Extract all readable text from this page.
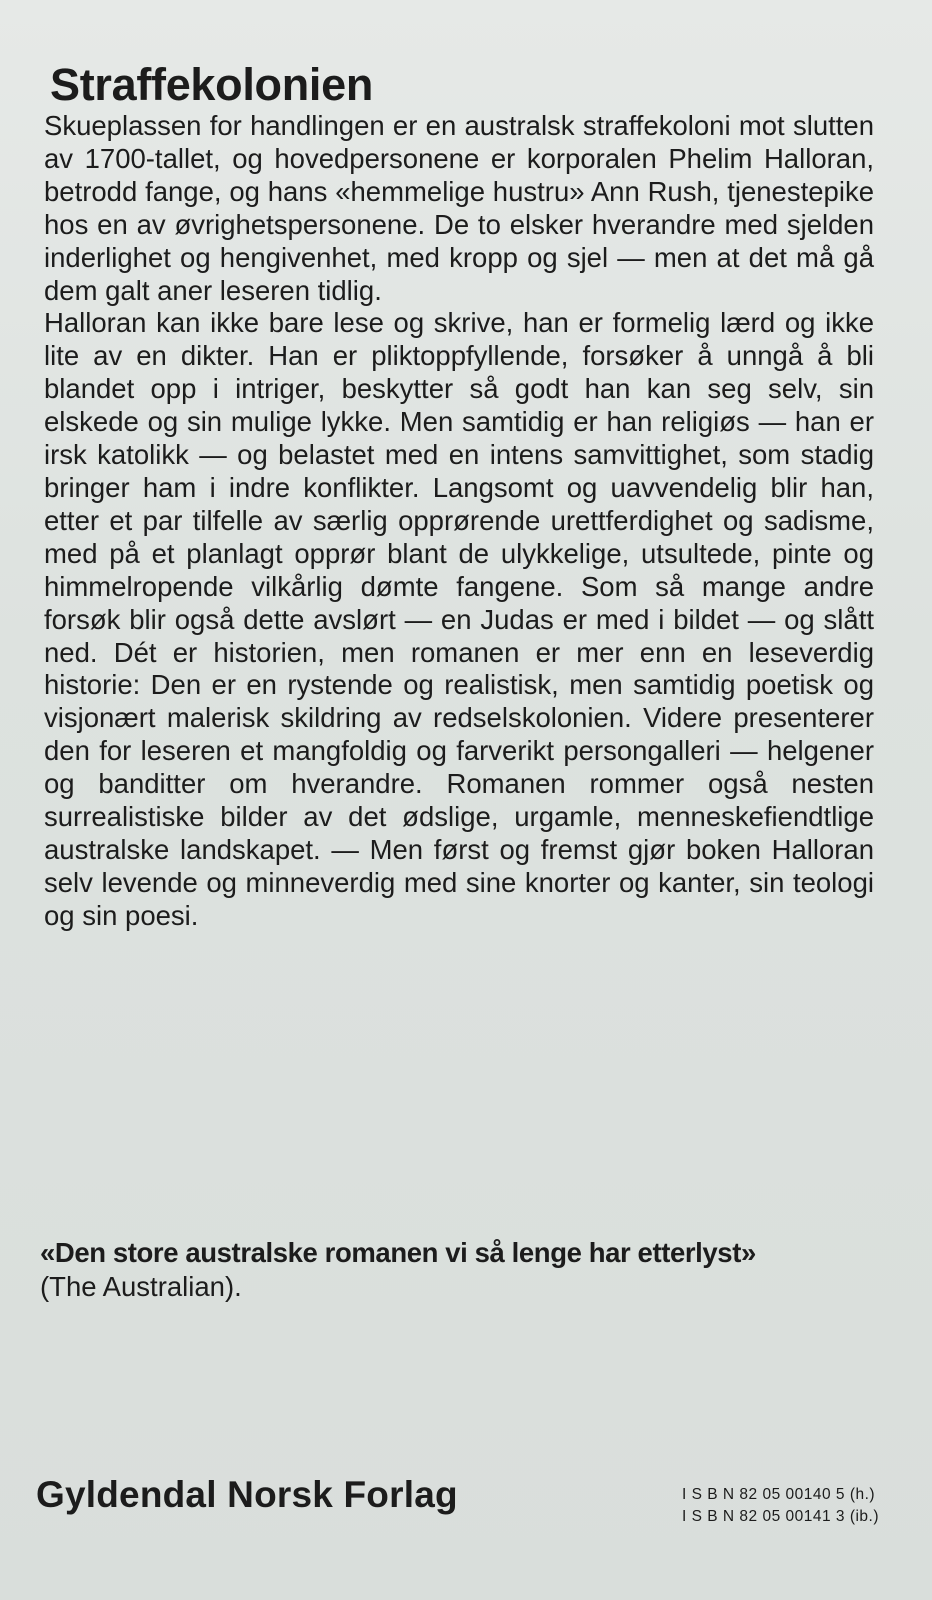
Straffekolonien

Skueplassen for handlingen er en australsk straffekoloni mot slutten av 1700-tallet, og hovedpersonene er korporalen Phelim Halloran, betrodd fange, og hans «hemmelige hustru» Ann Rush, tjenestepike hos en av øvrighetspersonene. De to elsker hverandre med sjelden inderlighet og hengivenhet, med kropp og sjel — men at det må gå dem galt aner leseren tidlig.

Halloran kan ikke bare lese og skrive, han er formelig lærd og ikke lite av en dikter. Han er pliktoppfyllende, forsøker å unngå å bli blandet opp i intriger, beskytter så godt han kan seg selv, sin elskede og sin mulige lykke. Men samtidig er han religiøs — han er irsk katolikk — og belastet med en intens samvittighet, som stadig bringer ham i indre konflikter. Langsomt og uavvendelig blir han, etter et par tilfelle av særlig opprørende urettferdighet og sadisme, med på et planlagt opprør blant de ulykkelige, utsultede, pinte og himmelropende vilkårlig dømte fangene. Som så mange andre forsøk blir også dette avslørt — en Judas er med i bildet — og slått ned. Dét er historien, men romanen er mer enn en leseverdig historie: Den er en rystende og realistisk, men samtidig poetisk og visjonært malerisk skildring av redselskolonien. Videre presenterer den for leseren et mangfoldig og farverikt persongalleri — helgener og banditter om hverandre. Romanen rommer også nesten surrealistiske bilder av det ødslige, urgamle, menneskefiendtlige australske landskapet. — Men først og fremst gjør boken Halloran selv levende og minneverdig med sine knorter og kanter, sin teologi og sin poesi.

«Den store australske romanen vi så lenge har etterlyst»
(The Australian).
Gyldendal Norsk Forlag	I S B N 82 05 00140 5 (h.)
I S B N 82 05 00141 3 (ib.)
